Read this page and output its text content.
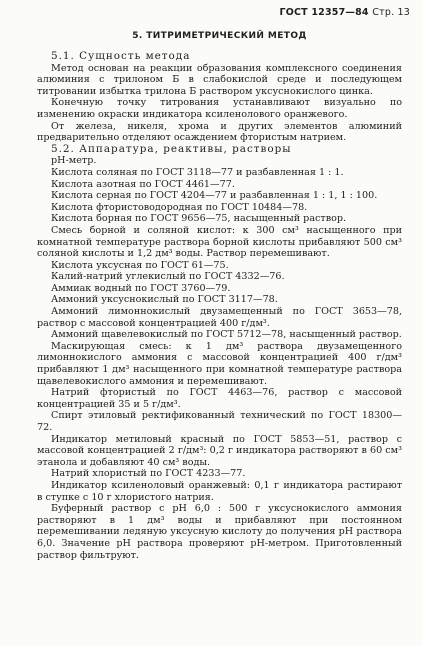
ГОСТ 12357—84 Стр. 13
5. ТИТРИМЕТРИЧЕСКИЙ МЕТОД

5.1. Сущность метода

Метод основан на реакции образования комплексного соединения алюминия с трилоном Б в слабокислой среде и последующем титровании избытка трилона Б раствором уксуснокислого цинка.

Конечную точку титрования устанавливают визуально по изменению окраски индикатора ксиленолового оранжевого.

От железа, никеля, хрома и других элементов алюминий предварительно отделяют осаждением фтористым натрием.

5.2. Аппаратура, реактивы, растворы

рН-метр.

Кислота соляная по ГОСТ 3118—77 и разбавленная 1 : 1.

Кислота азотная по ГОСТ 4461—77.

Кислота серная по ГОСТ 4204—77 и разбавленная 1 : 1, 1 : 100.

Кислота фтористоводородная по ГОСТ 10484—78.

Кислота борная по ГОСТ 9656—75, насыщенный раствор.

Смесь борной и соляной кислот: к 300 см³ насыщенного при комнатной температуре раствора борной кислоты прибавляют 500 см³ соляной кислоты и 1,2 дм³ воды. Раствор перемешивают.

Кислота уксусная по ГОСТ 61—75.

Калий-натрий углекислый по ГОСТ 4332—76.

Аммиак водный по ГОСТ 3760—79.

Аммоний уксуснокислый по ГОСТ 3117—78.

Аммоний лимоннокислый двузамещенный по ГОСТ 3653—78, раствор с массовой концентрацией 400 г/дм³.

Аммоний щавелевокислый по ГОСТ 5712—78, насыщенный раствор.

Маскирующая смесь: к 1 дм³ раствора двузамещенного лимоннокислого аммония с массовой концентрацией 400 г/дм³ прибавляют 1 дм³ насыщенного при комнатной температуре раствора щавелевокислого аммония и перемешивают.

Натрий фтористый по ГОСТ 4463—76, раствор с массовой концентрацией 35 и 5 г/дм³.

Спирт этиловый ректификованный технический по ГОСТ 18300—72.

Индикатор метиловый красный по ГОСТ 5853—51, раствор с массовой концентрацией 2 г/дм³: 0,2 г индикатора растворяют в 60 см³ этанола и добавляют 40 см³ воды.

Натрий хлористый по ГОСТ 4233—77.

Индикатор ксиленоловый оранжевый: 0,1 г индикатора растирают в ступке с 10 г хлористого натрия.

Буферный раствор с рН 6,0 : 500 г уксуснокислого аммония растворяют в 1 дм³ воды и прибавляют при постоянном перемешивании ледяную уксусную кислоту до получения рН раствора 6,0. Значение рН раствора проверяют рН-метром. Приготовленный раствор фильтруют.
